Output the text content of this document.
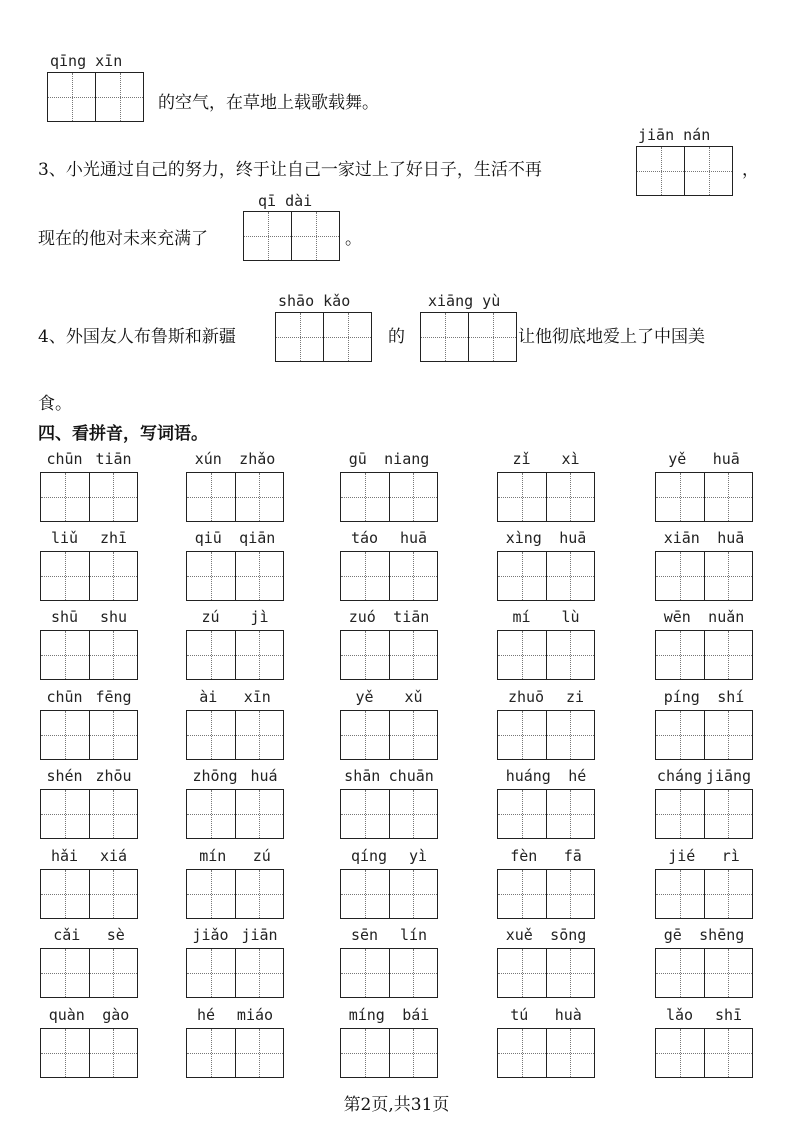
qīng xīn
的空气，在草地上载歌载舞。
jiān nán
3、小光通过自己的努力，终于让自己一家过上了好日子，生活不再	，
qī dài
现在的他对未来充满了	。
shāo kǎo	xiāng yù
4、外国友人布鲁斯和新疆	的	让他彻底地爱上了中国美
食。
四、看拼音，写词语。
chūn tiān	xún zhǎo	gū niang	zǐ xì	yě huā
liǔ zhī	qiū qiān	táo huā	xìng huā	xiān huā
shū shu	zú jì	zuó tiān	mí lù	wēn nuǎn
chūn fēng	ài xīn	yě xǔ	zhuō zi	píng shí
shén zhōu	zhōng huá	shān chuān	huáng hé	cháng jiāng
hǎi xiá	mín zú	qíng yì	fèn fā	jié rì
cǎi sè	jiǎo jiān	sēn lín	xuě sōng	gē shēng
quàn gào	hé miáo	míng bái	tú huà	lǎo shī
第2页,共31页
